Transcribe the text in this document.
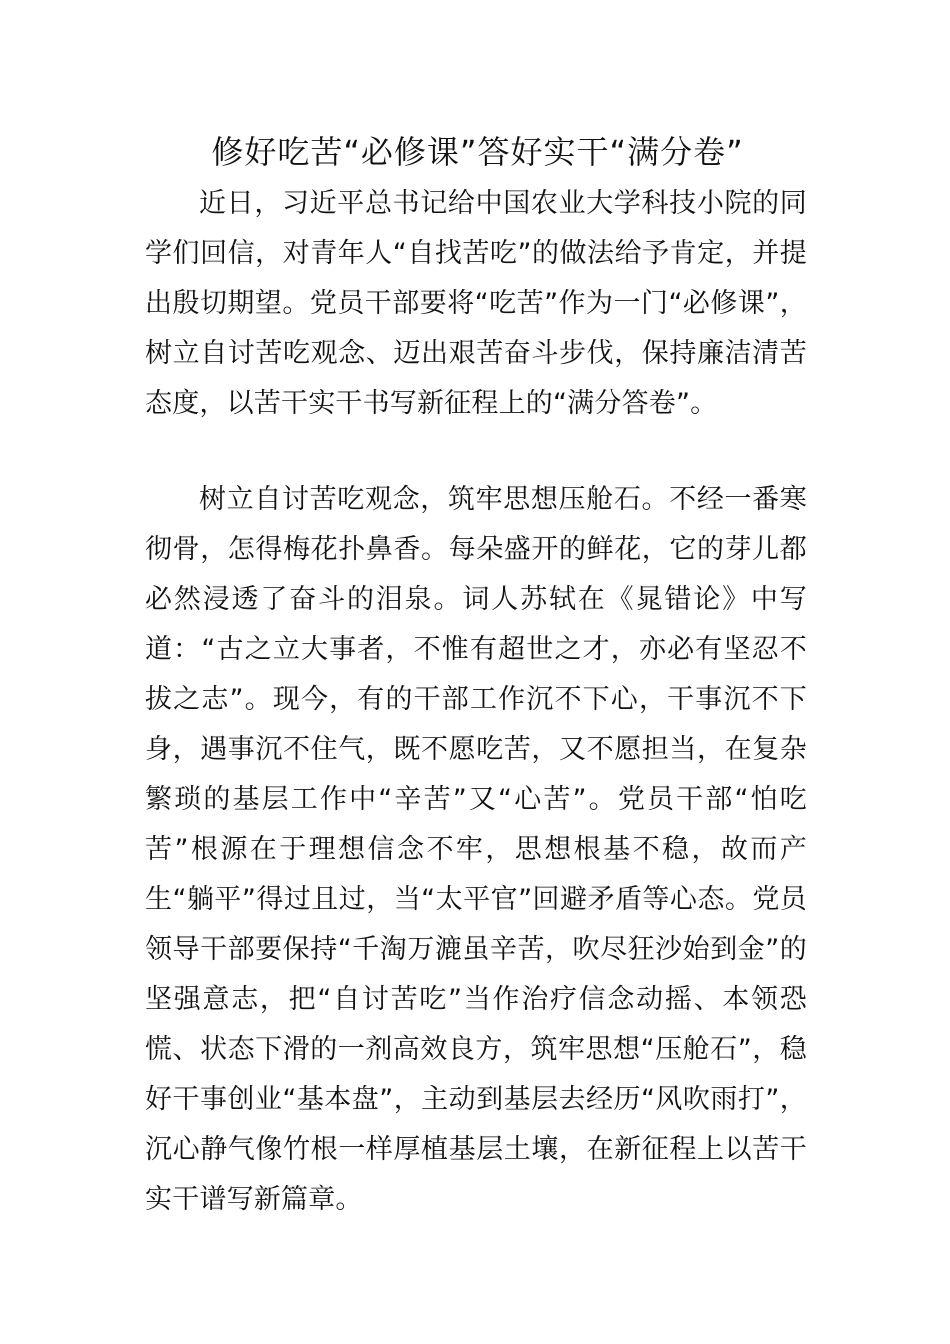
修好吃苦“必修课”答好实干“满分卷”

近日，习近平总书记给中国农业大学科技小院的同学们回信，对青年人“自找苦吃”的做法给予肯定，并提出殷切期望。党员干部要将“吃苦”作为一门“必修课”，树立自讨苦吃观念、迈出艰苦奋斗步伐，保持廉洁清苦态度，以苦干实干书写新征程上的“满分答卷”。

树立自讨苦吃观念，筑牢思想压舱石。不经一番寒彻骨，怎得梅花扑鼻香。每朵盛开的鲜花，它的芽儿都必然浸透了奋斗的泪泉。词人苏轼在《晁错论》中写道：“古之立大事者，不惟有超世之才，亦必有坚忍不拔之志”。现今，有的干部工作沉不下心，干事沉不下身，遇事沉不住气，既不愿吃苦，又不愿担当，在复杂繁琐的基层工作中“辛苦”又“心苦”。党员干部“怕吃苦”根源在于理想信念不牢，思想根基不稳，故而产生“躺平”得过且过，当“太平官”回避矛盾等心态。党员领导干部要保持“千淘万漉虽辛苦，吹尽狂沙始到金”的坚强意志，把“自讨苦吃”当作治疗信念动摇、本领恐慌、状态下滑的一剂高效良方，筑牢思想“压舱石”，稳好干事创业“基本盘”，主动到基层去经历“风吹雨打”，沉心静气像竹根一样厚植基层土壤，在新征程上以苦干实干谱写新篇章。
